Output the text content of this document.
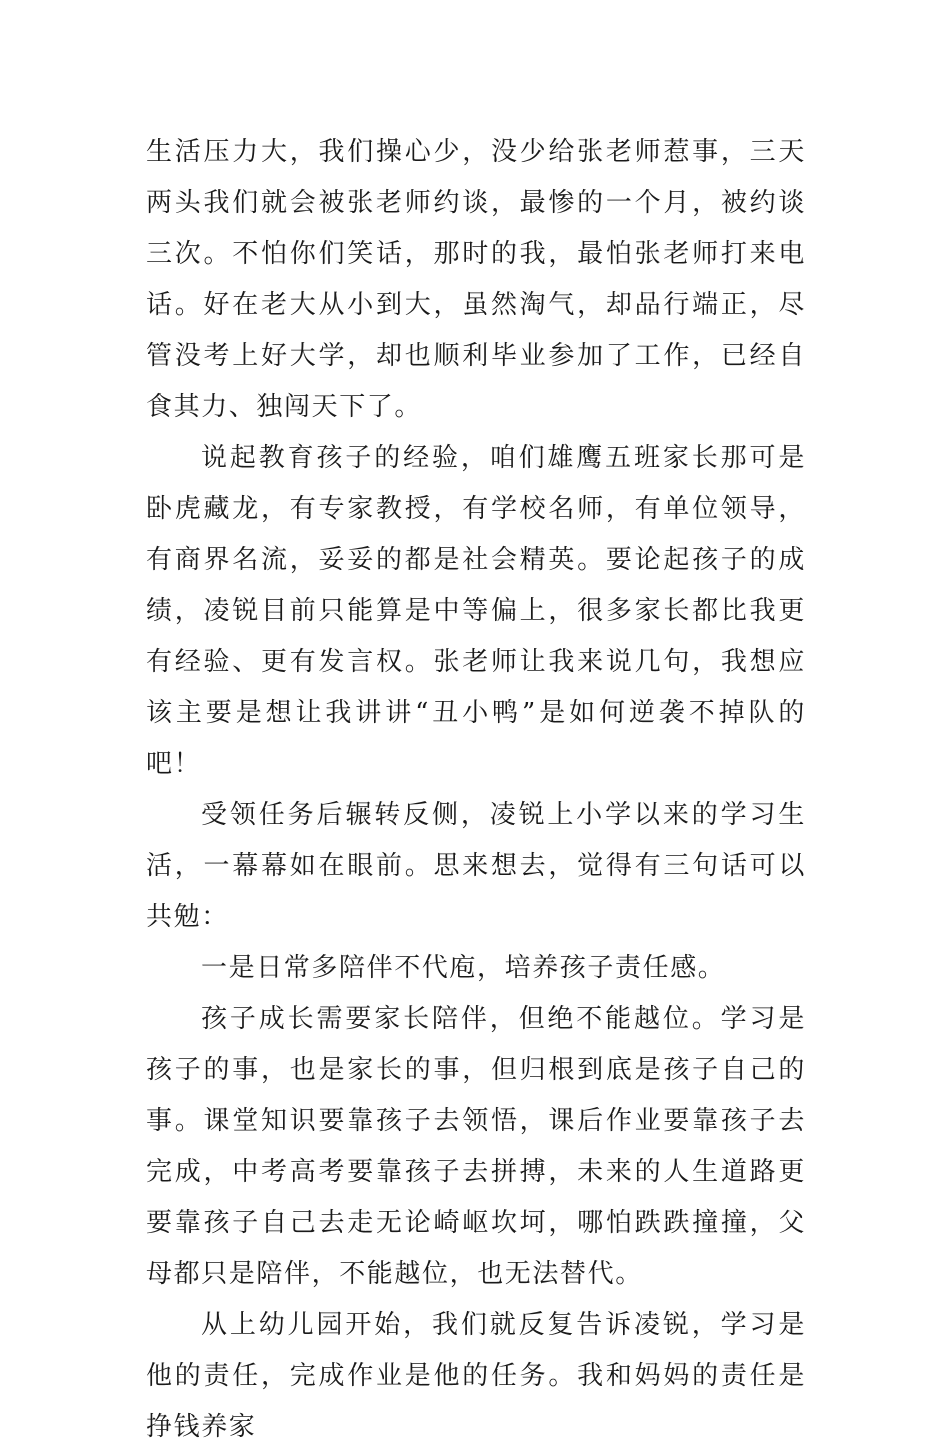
生活压力大，我们操心少，没少给张老师惹事，三天两头我们就会被张老师约谈，最惨的一个月，被约谈三次。不怕你们笑话，那时的我，最怕张老师打来电话。好在老大从小到大，虽然淘气，却品行端正，尽管没考上好大学，却也顺利毕业参加了工作，已经自食其力、独闯天下了。

说起教育孩子的经验，咱们雄鹰五班家长那可是卧虎藏龙，有专家教授，有学校名师，有单位领导，有商界名流，妥妥的都是社会精英。要论起孩子的成绩，凌锐目前只能算是中等偏上，很多家长都比我更有经验、更有发言权。张老师让我来说几句，我想应该主要是想让我讲讲“丑小鸭”是如何逆袭不掉队的吧！

受领任务后辗转反侧，凌锐上小学以来的学习生活，一幕幕如在眼前。思来想去，觉得有三句话可以共勉：

一是日常多陪伴不代庖，培养孩子责任感。

孩子成长需要家长陪伴，但绝不能越位。学习是孩子的事，也是家长的事，但归根到底是孩子自己的事。课堂知识要靠孩子去领悟，课后作业要靠孩子去完成，中考高考要靠孩子去拼搏，未来的人生道路更要靠孩子自己去走无论崎岖坎坷，哪怕跌跌撞撞，父母都只是陪伴，不能越位，也无法替代。

从上幼儿园开始，我们就反复告诉凌锐，学习是他的责任，完成作业是他的任务。我和妈妈的责任是挣钱养家
